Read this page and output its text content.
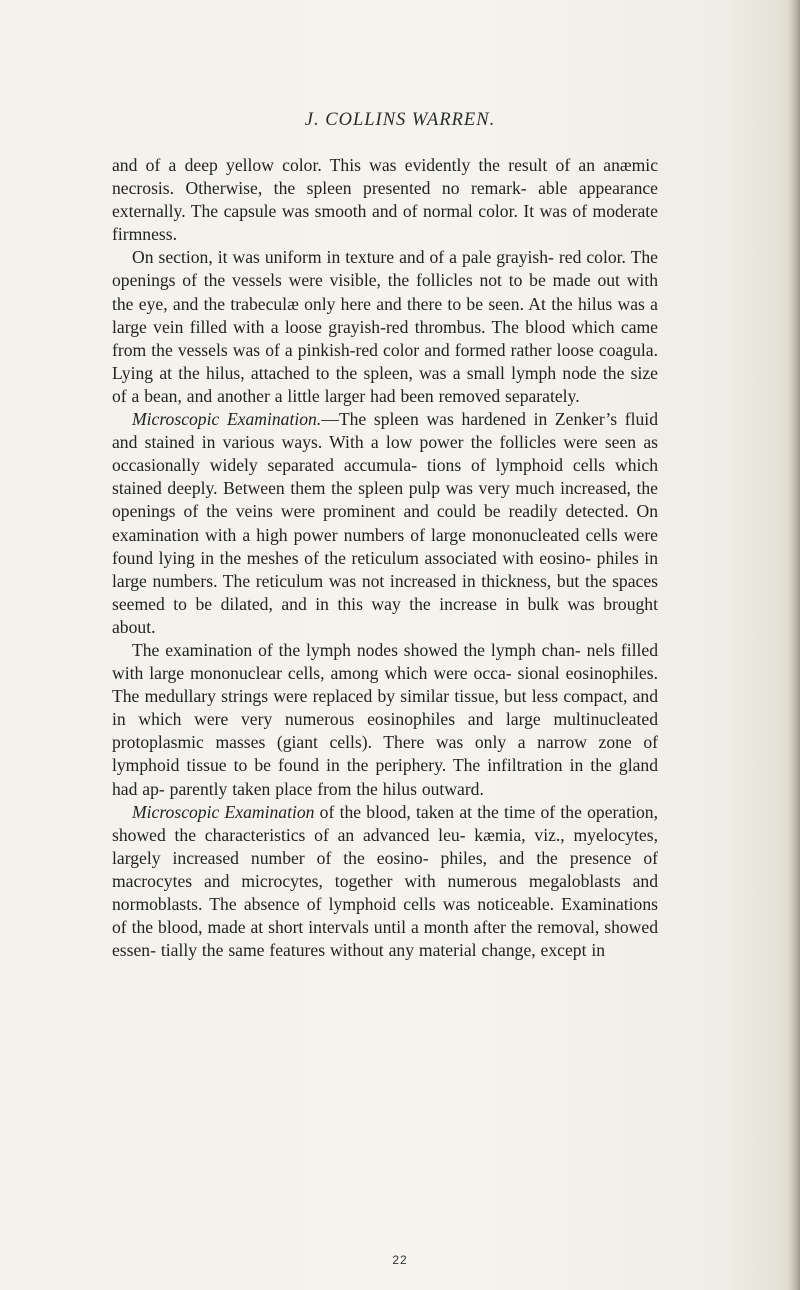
J. COLLINS WARREN.

and of a deep yellow color. This was evidently the result of an anæmic necrosis. Otherwise, the spleen presented no remark- able appearance externally. The capsule was smooth and of normal color. It was of moderate firmness.

On section, it was uniform in texture and of a pale grayish- red color. The openings of the vessels were visible, the follicles not to be made out with the eye, and the trabeculæ only here and there to be seen. At the hilus was a large vein filled with a loose grayish-red thrombus. The blood which came from the vessels was of a pinkish-red color and formed rather loose coagula. Lying at the hilus, attached to the spleen, was a small lymph node the size of a bean, and another a little larger had been removed separately.

Microscopic Examination.—The spleen was hardened in Zenker’s fluid and stained in various ways. With a low power the follicles were seen as occasionally widely separated accumula- tions of lymphoid cells which stained deeply. Between them the spleen pulp was very much increased, the openings of the veins were prominent and could be readily detected. On examination with a high power numbers of large mononucleated cells were found lying in the meshes of the reticulum associated with eosino- philes in large numbers. The reticulum was not increased in thickness, but the spaces seemed to be dilated, and in this way the increase in bulk was brought about.

The examination of the lymph nodes showed the lymph chan- nels filled with large mononuclear cells, among which were occa- sional eosinophiles. The medullary strings were replaced by similar tissue, but less compact, and in which were very numerous eosinophiles and large multinucleated protoplasmic masses (giant cells). There was only a narrow zone of lymphoid tissue to be found in the periphery. The infiltration in the gland had ap- parently taken place from the hilus outward.

Microscopic Examination of the blood, taken at the time of the operation, showed the characteristics of an advanced leu- kæmia, viz., myelocytes, largely increased number of the eosino- philes, and the presence of macrocytes and microcytes, together with numerous megaloblasts and normoblasts. The absence of lymphoid cells was noticeable. Examinations of the blood, made at short intervals until a month after the removal, showed essen- tially the same features without any material change, except in

22
